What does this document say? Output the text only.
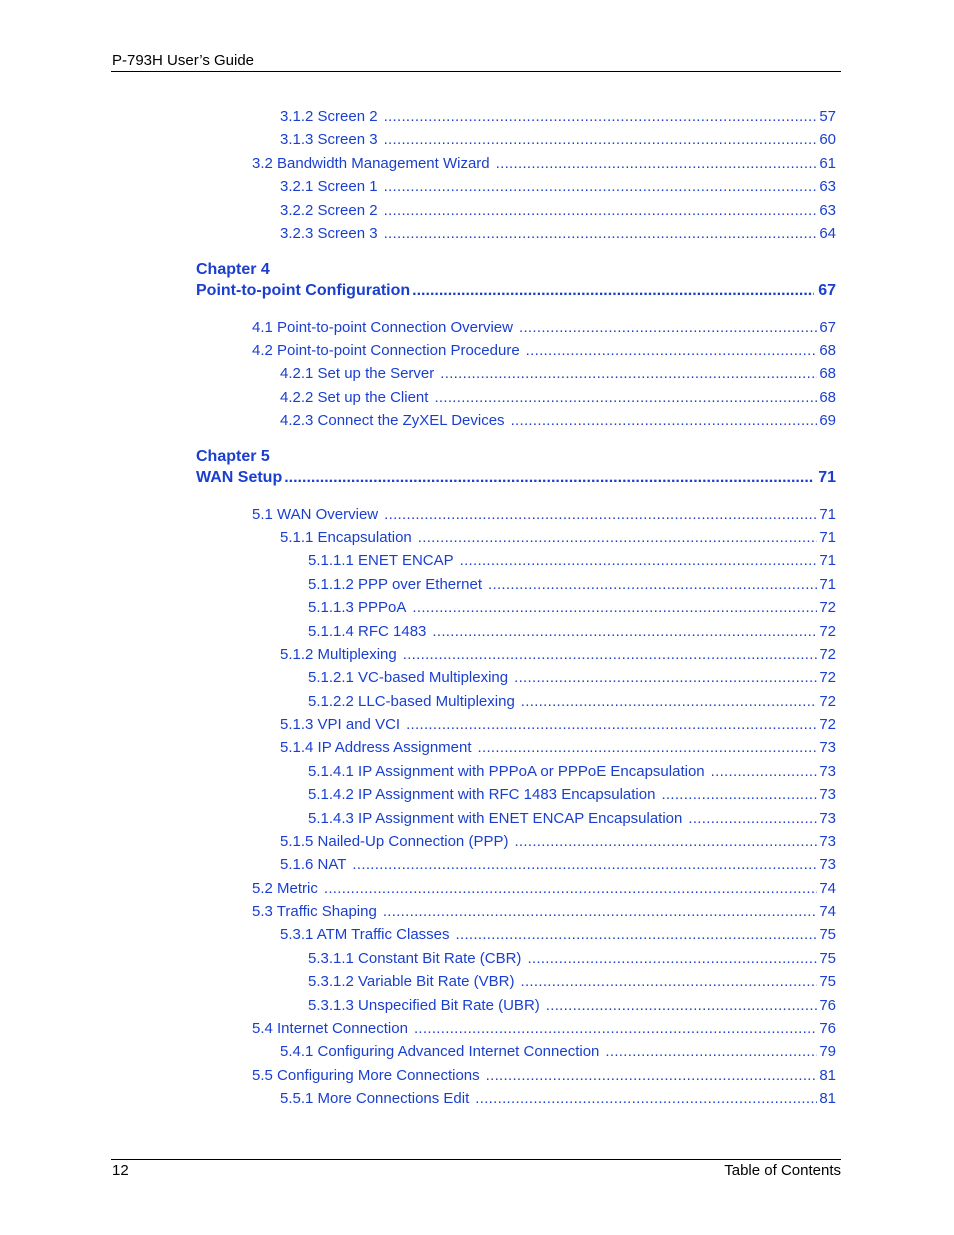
P-793H User’s Guide
3.1.2 Screen 2 .....	57
3.1.3 Screen 3 .....	60
3.2 Bandwidth Management Wizard .....	61
3.2.1 Screen 1 .....	63
3.2.2 Screen 2 .....	63
3.2.3 Screen 3 .....	64
Chapter 4
Point-to-point Configuration .....	67
4.1 Point-to-point Connection Overview .....	67
4.2 Point-to-point Connection Procedure .....	68
4.2.1 Set up the Server .....	68
4.2.2 Set up the Client .....	68
4.2.3 Connect the ZyXEL Devices .....	69
Chapter 5
WAN Setup .....	71
5.1 WAN Overview .....	71
5.1.1 Encapsulation .....	71
5.1.1.1 ENET ENCAP .....	71
5.1.1.2 PPP over Ethernet .....	71
5.1.1.3 PPPoA .....	72
5.1.1.4 RFC 1483 .....	72
5.1.2 Multiplexing .....	72
5.1.2.1 VC-based Multiplexing .....	72
5.1.2.2 LLC-based Multiplexing .....	72
5.1.3 VPI and VCI .....	72
5.1.4 IP Address Assignment .....	73
5.1.4.1 IP Assignment with PPPoA or PPPoE Encapsulation .....	73
5.1.4.2 IP Assignment with RFC 1483 Encapsulation .....	73
5.1.4.3 IP Assignment with ENET ENCAP Encapsulation .....	73
5.1.5 Nailed-Up Connection (PPP) .....	73
5.1.6 NAT .....	73
5.2 Metric .....	74
5.3 Traffic Shaping .....	74
5.3.1 ATM Traffic Classes .....	75
5.3.1.1 Constant Bit Rate (CBR) .....	75
5.3.1.2 Variable Bit Rate (VBR) .....	75
5.3.1.3 Unspecified Bit Rate (UBR) .....	76
5.4 Internet Connection .....	76
5.4.1 Configuring Advanced Internet Connection .....	79
5.5 Configuring More Connections .....	81
5.5.1 More Connections Edit .....	81
12	Table of Contents
